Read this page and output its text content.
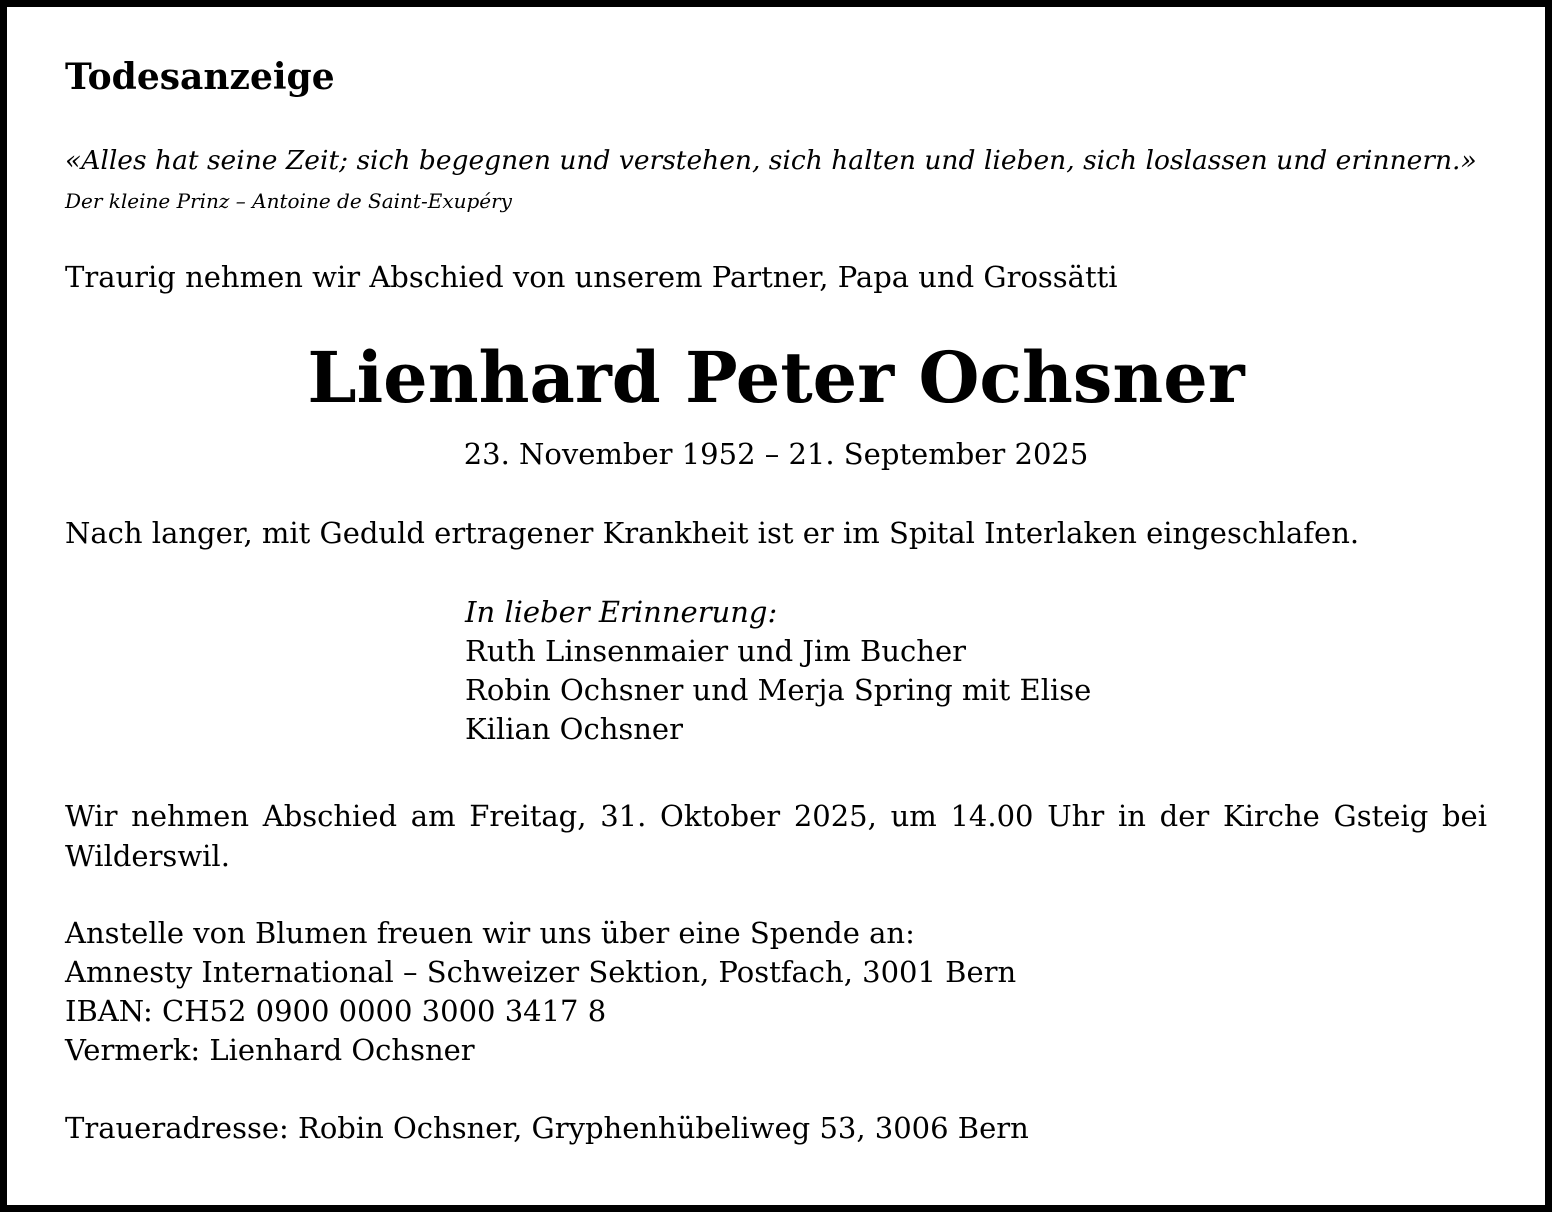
Todesanzeige
«Alles hat seine Zeit; sich begegnen und verstehen, sich halten und lieben, sich loslassen und erinnern.»
Der kleine Prinz – Antoine de Saint-Exupéry
Traurig nehmen wir Abschied von unserem Partner, Papa und Grossätti
Lienhard Peter Ochsner
23. November 1952 – 21. September 2025
Nach langer, mit Geduld ertragener Krankheit ist er im Spital Interlaken eingeschlafen.
In lieber Erinnerung:
Ruth Linsenmaier und Jim Bucher
Robin Ochsner und Merja Spring mit Elise
Kilian Ochsner
Wir nehmen Abschied am Freitag, 31. Oktober 2025, um 14.00 Uhr in der Kirche Gsteig bei Wilderswil.
Anstelle von Blumen freuen wir uns über eine Spende an:
Amnesty International – Schweizer Sektion, Postfach, 3001 Bern
IBAN: CH52 0900 0000 3000 3417 8
Vermerk: Lienhard Ochsner
Traueradresse: Robin Ochsner, Gryphenhübeliweg 53, 3006 Bern
